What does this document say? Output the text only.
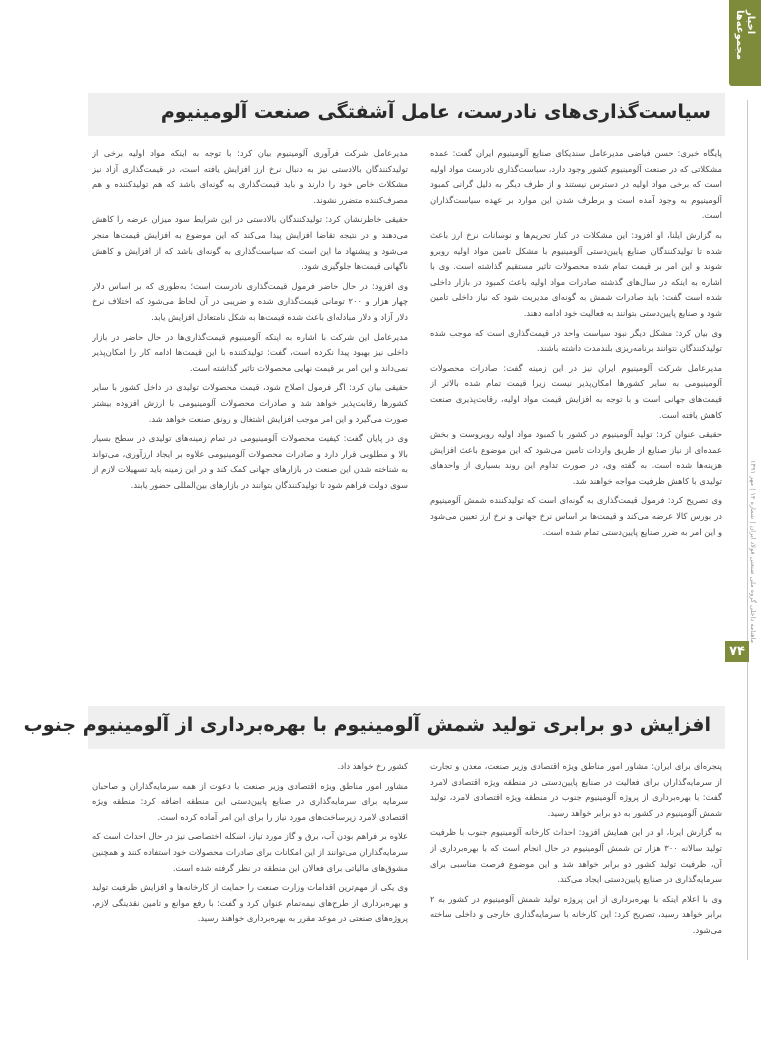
اخبار مجموعه‌ها
ماهنامه داخلی گروه ملی صنعتی فولاد ایران | شماره ۱۴ | مهر ۱۳۹۱
۷۴
سیاست‌گذاری‌های نادرست، عامل آشفتگی صنعت آلومینیوم

پایگاه خبری: حسن فیاضی مدیرعامل سندیکای صنایع آلومینیوم ایران گفت: عمده مشکلاتی که در صنعت آلومینیوم کشور وجود دارد، سیاست‌گذاری نادرست مواد اولیه است که برخی مواد اولیه در دسترس نیستند و از طرف دیگر به دلیل گرانی کمبود آلومینیوم به وجود آمده است و برطرف شدن این موارد بر عهده سیاست‌گذاران است.

به گزارش ایلنا، او افزود: این مشکلات در کنار تحریم‌ها و نوسانات نرخ ارز باعث شده تا تولیدکنندگان صنایع پایین‌دستی آلومینیوم با مشکل تامین مواد اولیه روبرو شوند و این امر بر قیمت تمام شده محصولات تاثیر مستقیم گذاشته است. وی با اشاره به اینکه در سال‌های گذشته صادرات مواد اولیه باعث کمبود در بازار داخلی شده است گفت: باید صادرات شمش به گونه‌ای مدیریت شود که نیاز داخلی تامین شود و صنایع پایین‌دستی بتوانند به فعالیت خود ادامه دهند.

وی بیان کرد: مشکل دیگر نبود سیاست واحد در قیمت‌گذاری است که موجب شده تولیدکنندگان نتوانند برنامه‌ریزی بلندمدت داشته باشند.

مدیرعامل شرکت آلومینیوم ایران نیز در این زمینه گفت: صادرات محصولات آلومینیومی به سایر کشورها امکان‌پذیر نیست زیرا قیمت تمام شده بالاتر از قیمت‌های جهانی است و با توجه به افزایش قیمت مواد اولیه، رقابت‌پذیری صنعت کاهش یافته است.

حقیقی عنوان کرد: تولید آلومینیوم در کشور با کمبود مواد اولیه روبروست و بخش عمده‌ای از نیاز صنایع از طریق واردات تامین می‌شود که این موضوع باعث افزایش هزینه‌ها شده است. به گفته وی، در صورت تداوم این روند بسیاری از واحدهای تولیدی با کاهش ظرفیت مواجه خواهند شد.

وی تصریح کرد: فرمول قیمت‌گذاری به گونه‌ای است که تولیدکننده شمش آلومینیوم در بورس کالا عرضه می‌کند و قیمت‌ها بر اساس نرخ جهانی و نرخ ارز تعیین می‌شود و این امر به ضرر صنایع پایین‌دستی تمام شده است.

مدیرعامل شرکت فرآوری آلومینیوم بیان کرد: با توجه به اینکه مواد اولیه برخی از تولیدکنندگان بالادستی نیز به دنبال نرخ ارز افزایش یافته است، در قیمت‌گذاری آزاد نیز مشکلات خاص خود را دارند و باید قیمت‌گذاری به گونه‌ای باشد که هم تولیدکننده و هم مصرف‌کننده متضرر نشوند.

حقیقی خاطرنشان کرد: تولیدکنندگان بالادستی در این شرایط سود میزان عرضه را کاهش می‌دهند و در نتیجه تقاضا افزایش پیدا می‌کند که این موضوع به افزایش قیمت‌ها منجر می‌شود و پیشنهاد ما این است که سیاست‌گذاری به گونه‌ای باشد که از افزایش و کاهش ناگهانی قیمت‌ها جلوگیری شود.

وی افزود: در حال حاضر فرمول قیمت‌گذاری نادرست است؛ به‌طوری که بر اساس دلار چهار هزار و ۲۰۰ تومانی قیمت‌گذاری شده و ضریبی در آن لحاظ می‌شود که اختلاف نرخ دلار آزاد و دلار مبادله‌ای باعث شده قیمت‌ها به شکل نامتعادل افزایش یابد.

مدیرعامل این شرکت با اشاره به اینکه آلومینیوم قیمت‌گذاری‌ها در حال حاضر در بازار داخلی نیز بهبود پیدا نکرده است، گفت: تولیدکننده با این قیمت‌ها ادامه کار را امکان‌پذیر نمی‌داند و این امر بر قیمت نهایی محصولات تاثیر گذاشته است.

حقیقی بیان کرد: اگر فرمول اصلاح شود، قیمت محصولات تولیدی در داخل کشور با سایر کشورها رقابت‌پذیر خواهد شد و صادرات محصولات آلومینیومی با ارزش افزوده بیشتر صورت می‌گیرد و این امر موجب افزایش اشتغال و رونق صنعت خواهد شد.

وی در پایان گفت: کیفیت محصولات آلومینیومی در تمام زمینه‌های تولیدی در سطح بسیار بالا و مطلوبی قرار دارد و صادرات محصولات آلومینیومی علاوه بر ایجاد ارزآوری، می‌تواند به شناخته شدن این صنعت در بازارهای جهانی کمک کند و در این زمینه باید تسهیلات لازم از سوی دولت فراهم شود تا تولیدکنندگان بتوانند در بازارهای بین‌المللی حضور یابند.

افزایش دو برابری تولید شمش آلومینیوم با بهره‌برداری از آلومینیوم جنوب

پنجره‌ای برای ایران: مشاور امور مناطق ویژه اقتصادی وزیر صنعت، معدن و تجارت از سرمایه‌گذاران برای فعالیت در صنایع پایین‌دستی در منطقه ویژه اقتصادی لامرد گفت: با بهره‌برداری از پروژه آلومینیوم جنوب در منطقه ویژه اقتصادی لامرد، تولید شمش آلومینیوم در کشور به دو برابر خواهد رسید.

به گزارش ایرنا، او در این همایش افزود: احداث کارخانه آلومینیوم جنوب با ظرفیت تولید سالانه ۳۰۰ هزار تن شمش آلومینیوم در حال انجام است که با بهره‌برداری از آن، ظرفیت تولید کشور دو برابر خواهد شد و این موضوع فرصت مناسبی برای سرمایه‌گذاری در صنایع پایین‌دستی ایجاد می‌کند.

وی با اعلام اینکه با بهره‌برداری از این پروژه تولید شمش آلومینیوم در کشور به ۲ برابر خواهد رسید، تصریح کرد: این کارخانه با سرمایه‌گذاری خارجی و داخلی ساخته می‌شود.

کشور رخ خواهد داد.

مشاور امور مناطق ویژه اقتصادی وزیر صنعت با دعوت از همه سرمایه‌گذاران و صاحبان سرمایه برای سرمایه‌گذاری در صنایع پایین‌دستی این منطقه اضافه کرد: منطقه ویژه اقتصادی لامرد زیرساخت‌های مورد نیاز را برای این امر آماده کرده است.

علاوه بر فراهم بودن آب، برق و گاز مورد نیاز، اسکله اختصاصی نیز در حال احداث است که سرمایه‌گذاران می‌توانند از این امکانات برای صادرات محصولات خود استفاده کنند و همچنین مشوق‌های مالیاتی برای فعالان این منطقه در نظر گرفته شده است.

وی یکی از مهم‌ترین اقدامات وزارت صنعت را حمایت از کارخانه‌ها و افزایش ظرفیت تولید و بهره‌برداری از طرح‌های نیمه‌تمام عنوان کرد و گفت: با رفع موانع و تامین نقدینگی لازم، پروژه‌های صنعتی در موعد مقرر به بهره‌برداری خواهند رسید.
